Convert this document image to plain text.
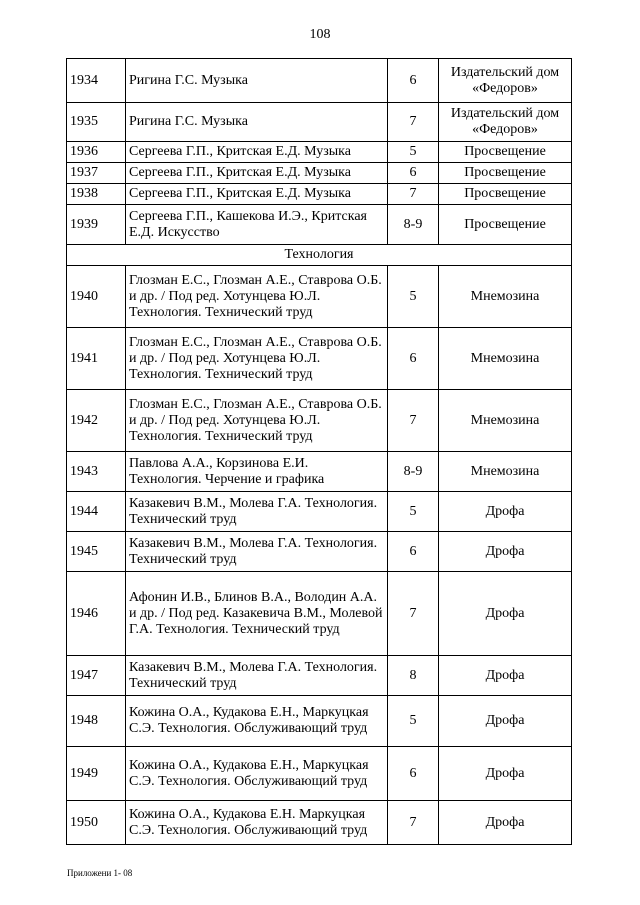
108
1934	Ригина Г.С. Музыка	6	Издательский дом «Федоров»
1935	Ригина Г.С. Музыка	7	Издательский дом «Федоров»
1936	Сергеева Г.П., Критская Е.Д. Музыка	5	Просвещение
1937	Сергеева Г.П., Критская Е.Д. Музыка	6	Просвещение
1938	Сергеева Г.П., Критская Е.Д. Музыка	7	Просвещение
1939	Сергеева Г.П., Кашекова И.Э., Критская Е.Д. Искусство	8-9	Просвещение
Технология			
1940	Глозман Е.С., Глозман А.Е., Ставрова О.Б. и др. / Под ред. Хотунцева Ю.Л. Технология. Технический труд	5	Мнемозина
1941	Глозман Е.С., Глозман А.Е., Ставрова О.Б. и др. / Под ред. Хотунцева Ю.Л. Технология. Технический труд	6	Мнемозина
1942	Глозман Е.С., Глозман А.Е., Ставрова О.Б. и др. / Под ред. Хотунцева Ю.Л. Технология. Технический труд	7	Мнемозина
1943	Павлова А.А., Корзинова Е.И. Технология. Черчение и графика	8-9	Мнемозина
1944	Казакевич В.М., Молева Г.А. Технология. Технический труд	5	Дрофа
1945	Казакевич В.М., Молева Г.А. Технология. Технический труд	6	Дрофа
1946	Афонин И.В., Блинов В.А., Володин А.А. и др. / Под ред. Казакевича В.М., Молевой Г.А. Технология. Технический труд	7	Дрофа
1947	Казакевич В.М., Молева Г.А. Технология. Технический труд	8	Дрофа
1948	Кожина О.А., Кудакова Е.Н., Маркуцкая С.Э. Технология. Обслуживающий труд	5	Дрофа
1949	Кожина О.А., Кудакова Е.Н., Маркуцкая С.Э. Технология. Обслуживающий труд	6	Дрофа
1950	Кожина О.А., Кудакова Е.Н. Маркуцкая С.Э. Технология. Обслуживающий труд	7	Дрофа
Приложени 1- 08
